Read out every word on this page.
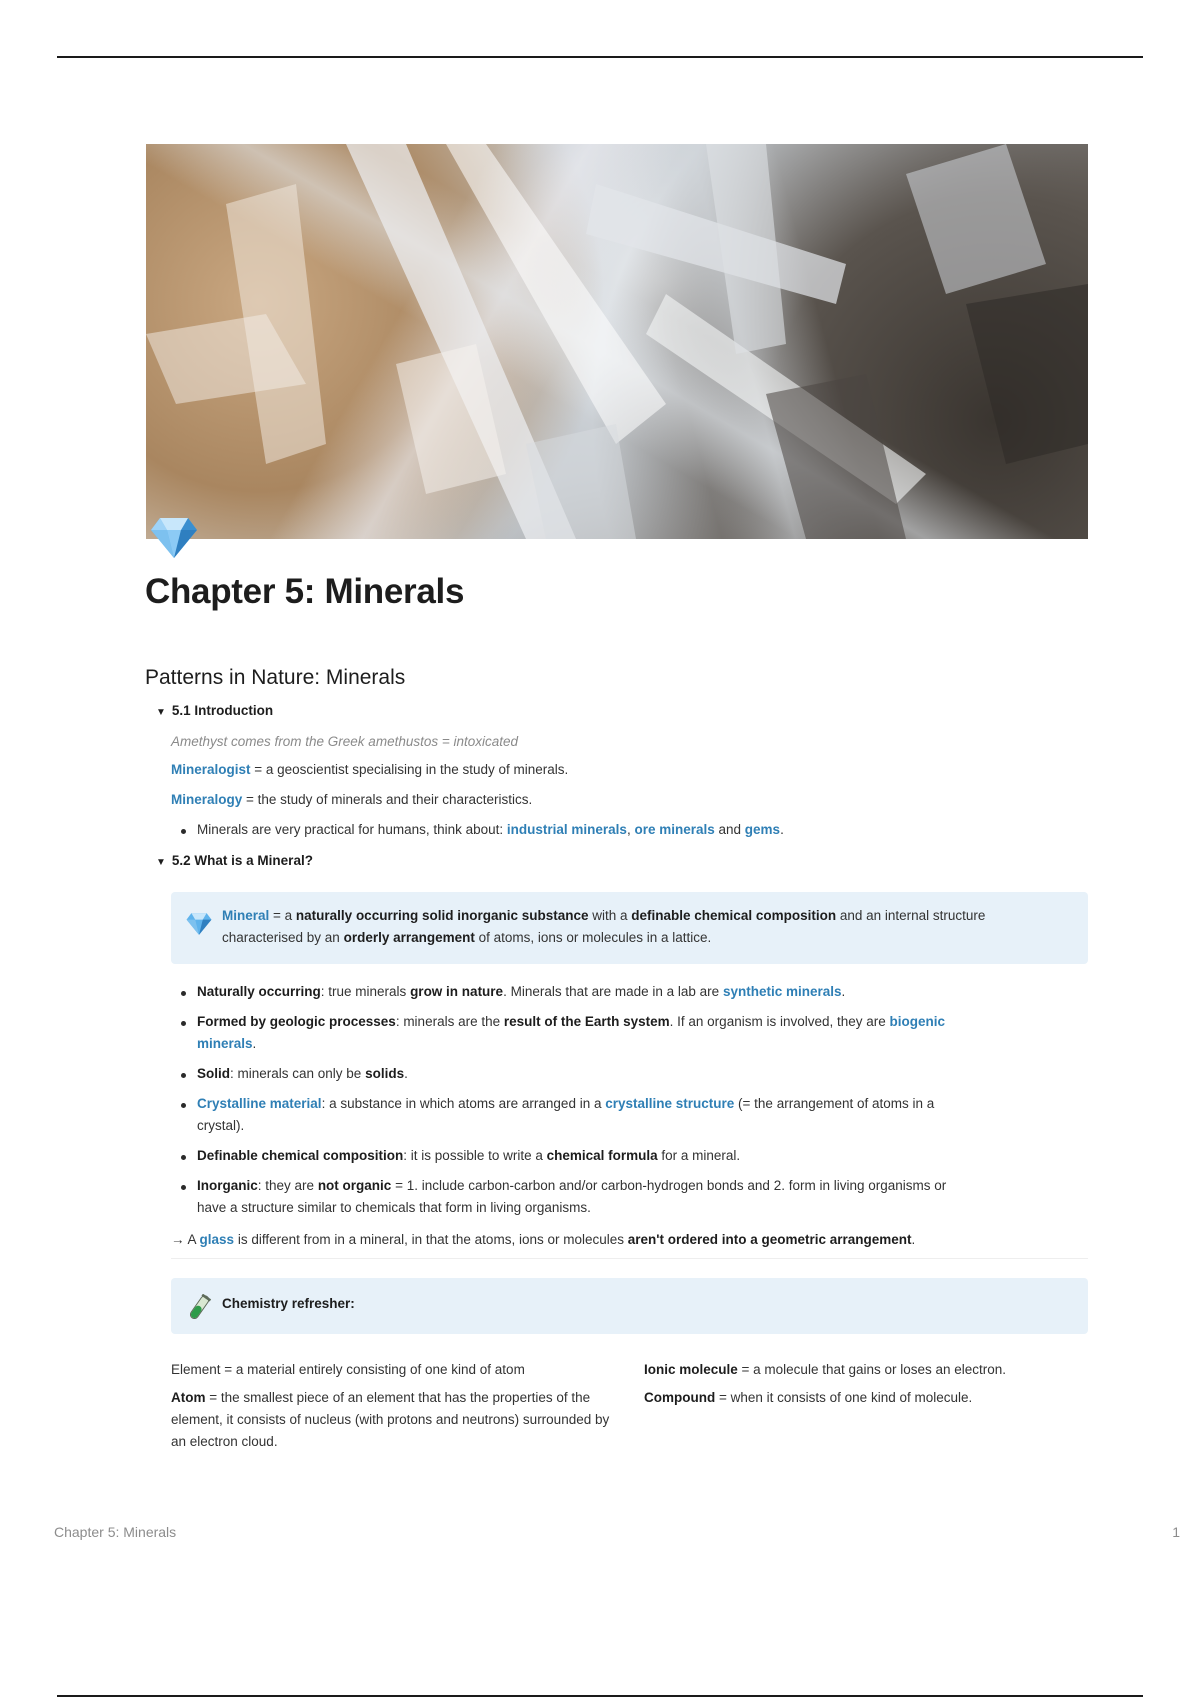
Chapter 5: Minerals
Patterns in Nature: Minerals
▼ 5.1 Introduction
Amethyst comes from the Greek amethustos = intoxicated
Mineralogist = a geoscientist specialising in the study of minerals.
Mineralogy = the study of minerals and their characteristics.
Minerals are very practical for humans, think about: industrial minerals, ore minerals and gems.
▼ 5.2 What is a Mineral?
Mineral = a naturally occurring solid inorganic substance with a definable chemical composition and an internal structure
characterised by an orderly arrangement of atoms, ions or molecules in a lattice.
Naturally occurring: true minerals grow in nature. Minerals that are made in a lab are synthetic minerals.
Formed by geologic processes: minerals are the result of the Earth system. If an organism is involved, they are biogenic
minerals.
Solid: minerals can only be solids.
Crystalline material: a substance in which atoms are arranged in a crystalline structure (= the arrangement of atoms in a
crystal).
Definable chemical composition: it is possible to write a chemical formula for a mineral.
Inorganic: they are not organic = 1. include carbon-carbon and/or carbon-hydrogen bonds and 2. form in living organisms or
have a structure similar to chemicals that form in living organisms.
→ A glass is different from in a mineral, in that the atoms, ions or molecules aren't ordered into a geometric arrangement.
Chemistry refresher:
Element = a material entirely consisting of one kind of atom
Atom = the smallest piece of an element that has the properties of the element, it consists of nucleus (with protons and neutrons) surrounded by an electron cloud.
Ionic molecule = a molecule that gains or loses an electron.
Compound = when it consists of one kind of molecule.
Chapter 5: Minerals	1
